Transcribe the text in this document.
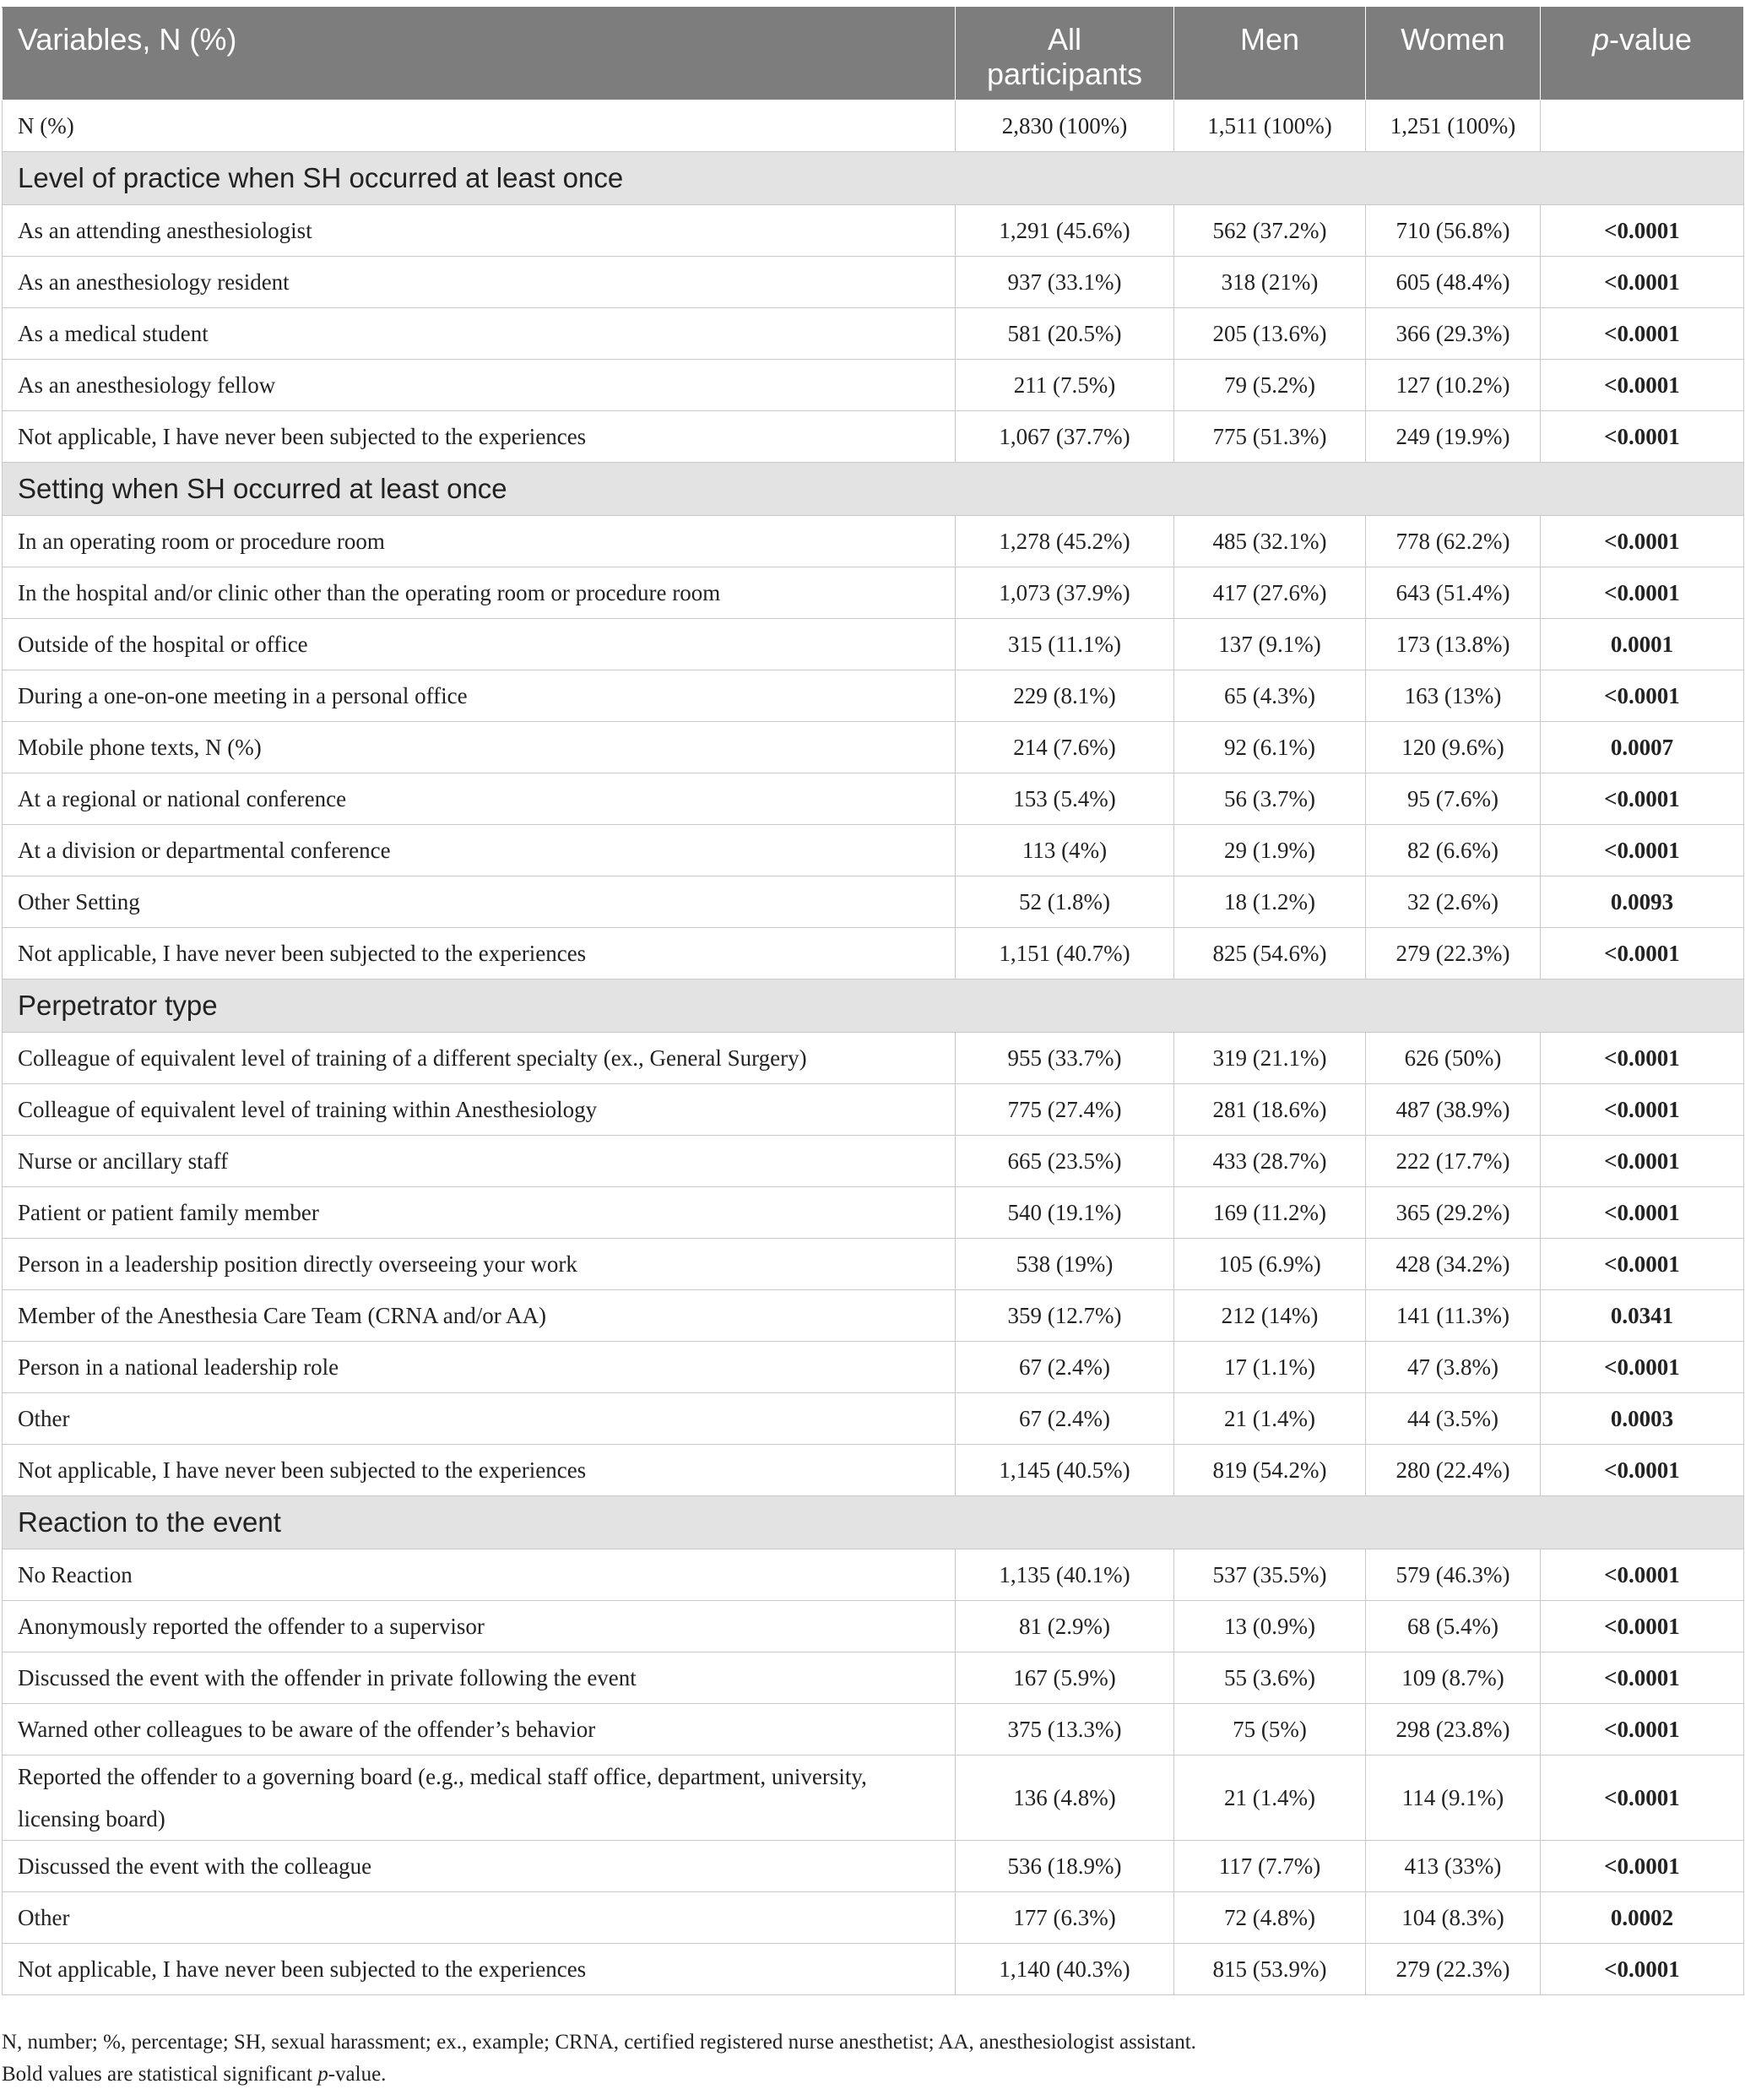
Variables, N (%)	All participants	Men	Women	p-value
N (%)	2,830 (100%)	1,511 (100%)	1,251 (100%)	
Level of practice when SH occurred at least once				
As an attending anesthesiologist	1,291 (45.6%)	562 (37.2%)	710 (56.8%)	<0.0001
As an anesthesiology resident	937 (33.1%)	318 (21%)	605 (48.4%)	<0.0001
As a medical student	581 (20.5%)	205 (13.6%)	366 (29.3%)	<0.0001
As an anesthesiology fellow	211 (7.5%)	79 (5.2%)	127 (10.2%)	<0.0001
Not applicable, I have never been subjected to the experiences	1,067 (37.7%)	775 (51.3%)	249 (19.9%)	<0.0001
Setting when SH occurred at least once				
In an operating room or procedure room	1,278 (45.2%)	485 (32.1%)	778 (62.2%)	<0.0001
In the hospital and/or clinic other than the operating room or procedure room	1,073 (37.9%)	417 (27.6%)	643 (51.4%)	<0.0001
Outside of the hospital or office	315 (11.1%)	137 (9.1%)	173 (13.8%)	0.0001
During a one-on-one meeting in a personal office	229 (8.1%)	65 (4.3%)	163 (13%)	<0.0001
Mobile phone texts, N (%)	214 (7.6%)	92 (6.1%)	120 (9.6%)	0.0007
At a regional or national conference	153 (5.4%)	56 (3.7%)	95 (7.6%)	<0.0001
At a division or departmental conference	113 (4%)	29 (1.9%)	82 (6.6%)	<0.0001
Other Setting	52 (1.8%)	18 (1.2%)	32 (2.6%)	0.0093
Not applicable, I have never been subjected to the experiences	1,151 (40.7%)	825 (54.6%)	279 (22.3%)	<0.0001
Perpetrator type				
Colleague of equivalent level of training of a different specialty (ex., General Surgery)	955 (33.7%)	319 (21.1%)	626 (50%)	<0.0001
Colleague of equivalent level of training within Anesthesiology	775 (27.4%)	281 (18.6%)	487 (38.9%)	<0.0001
Nurse or ancillary staff	665 (23.5%)	433 (28.7%)	222 (17.7%)	<0.0001
Patient or patient family member	540 (19.1%)	169 (11.2%)	365 (29.2%)	<0.0001
Person in a leadership position directly overseeing your work	538 (19%)	105 (6.9%)	428 (34.2%)	<0.0001
Member of the Anesthesia Care Team (CRNA and/or AA)	359 (12.7%)	212 (14%)	141 (11.3%)	0.0341
Person in a national leadership role	67 (2.4%)	17 (1.1%)	47 (3.8%)	<0.0001
Other	67 (2.4%)	21 (1.4%)	44 (3.5%)	0.0003
Not applicable, I have never been subjected to the experiences	1,145 (40.5%)	819 (54.2%)	280 (22.4%)	<0.0001
Reaction to the event				
No Reaction	1,135 (40.1%)	537 (35.5%)	579 (46.3%)	<0.0001
Anonymously reported the offender to a supervisor	81 (2.9%)	13 (0.9%)	68 (5.4%)	<0.0001
Discussed the event with the offender in private following the event	167 (5.9%)	55 (3.6%)	109 (8.7%)	<0.0001
Warned other colleagues to be aware of the offender’s behavior	375 (13.3%)	75 (5%)	298 (23.8%)	<0.0001
Reported the offender to a governing board (e.g., medical staff office, department, university, licensing board)	136 (4.8%)	21 (1.4%)	114 (9.1%)	<0.0001
Discussed the event with the colleague	536 (18.9%)	117 (7.7%)	413 (33%)	<0.0001
Other	177 (6.3%)	72 (4.8%)	104 (8.3%)	0.0002
Not applicable, I have never been subjected to the experiences	1,140 (40.3%)	815 (53.9%)	279 (22.3%)	<0.0001

N, number; %, percentage; SH, sexual harassment; ex., example; CRNA, certified registered nurse anesthetist; AA, anesthesiologist assistant.

Bold values are statistical significant p-value.
